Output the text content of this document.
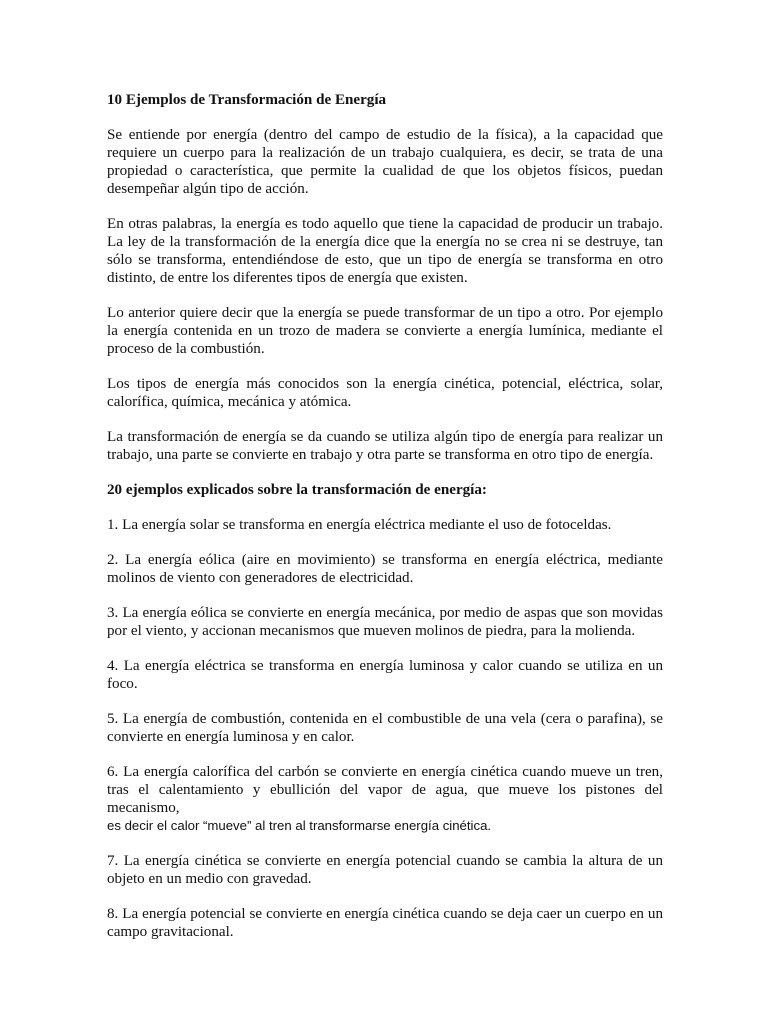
10 Ejemplos de Transformación de Energía

Se entiende por energía (dentro del campo de estudio de la física), a la capacidad que requiere un cuerpo para la realización de un trabajo cualquiera, es decir, se trata de una propiedad o característica, que permite la cualidad de que los objetos físicos, puedan desempeñar algún tipo de acción.

En otras palabras, la energía es todo aquello que tiene la capacidad de producir un trabajo. La ley de la transformación de la energía dice que la energía no se crea ni se destruye, tan sólo se transforma, entendiéndose de esto, que un tipo de energía se transforma en otro distinto, de entre los diferentes tipos de energía que existen.

Lo anterior quiere decir que la energía se puede transformar de un tipo a otro. Por ejemplo la energía contenida en un trozo de madera se convierte a energía lumínica, mediante el proceso de la combustión.

Los tipos de energía más conocidos son la energía cinética, potencial, eléctrica, solar, calorífica, química, mecánica y atómica.

La transformación de energía se da cuando se utiliza algún tipo de energía para realizar un trabajo, una parte se convierte en trabajo y otra parte se transforma en otro tipo de energía.

20 ejemplos explicados sobre la transformación de energía:

1. La energía solar se transforma en energía eléctrica mediante el uso de fotoceldas.

2. La energía eólica (aire en movimiento) se transforma en energía eléctrica, mediante molinos de viento con generadores de electricidad.

3. La energía eólica se convierte en energía mecánica, por medio de aspas que son movidas por el viento, y accionan mecanismos que mueven molinos de piedra, para la molienda.

4. La energía eléctrica se transforma en energía luminosa y calor cuando se utiliza en un foco.

5. La energía de combustión, contenida en el combustible de una vela (cera o parafina), se convierte en energía luminosa y en calor.

6. La energía calorífica del carbón se convierte en energía cinética cuando mueve un tren, tras el calentamiento y ebullición del vapor de agua, que mueve los pistones del mecanismo,
es decir el calor “mueve” al tren al transformarse energía cinética.

7. La energía cinética se convierte en energía potencial cuando se cambia la altura de un objeto en un medio con gravedad.

8. La energía potencial se convierte en energía cinética cuando se deja caer un cuerpo en un campo gravitacional.
